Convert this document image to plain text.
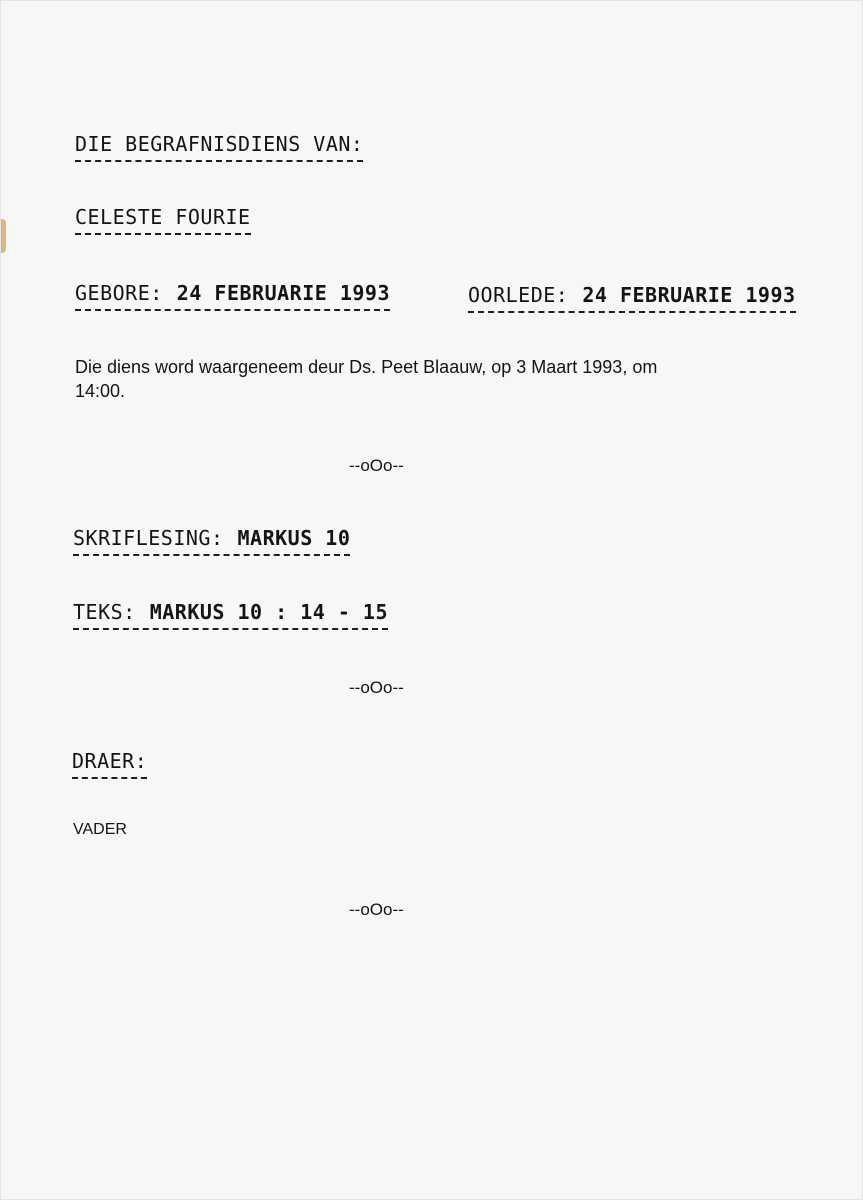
DIE BEGRAFNISDIENS VAN:
CELESTE FOURIE
GEBORE: 24 FEBRUARIE 1993	OORLEDE: 24 FEBRUARIE 1993
Die diens word waargeneem deur Ds. Peet Blaauw, op 3 Maart 1993, om
14:00.
--oOo--
SKRIFLESING: MARKUS 10
TEKS: MARKUS 10 : 14 - 15
--oOo--
DRAER:
VADER
--oOo--
